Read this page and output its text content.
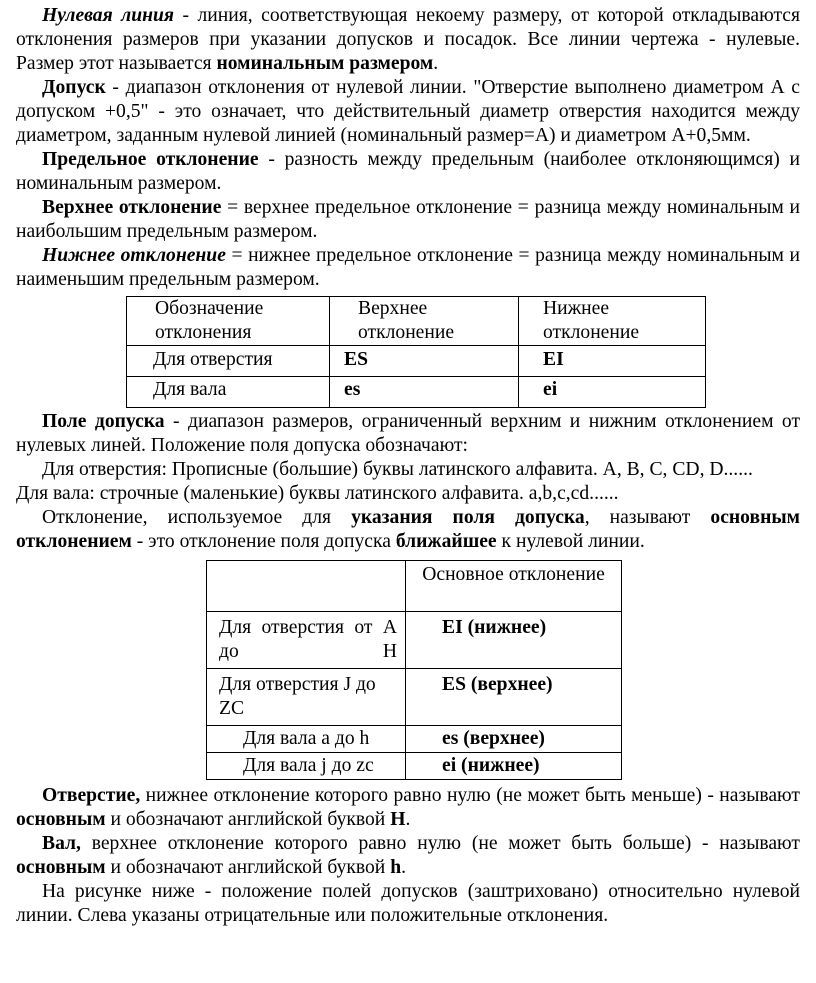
Нулевая линия - линия, соответствующая некоему размеру, от которой откладываются отклонения размеров при указании допусков и посадок. Все линии чертежа - нулевые. Размер этот называется номинальным размером.

Допуск - диапазон отклонения от нулевой линии. "Отверстие выполнено диаметром А с допуском +0,5" - это означает, что действительный диаметр отверстия находится между диаметром, заданным нулевой линией (номинальный размер=А) и диаметром А+0,5мм.

Предельное отклонение - разность между предельным (наиболее отклоняющимся) и номинальным размером.

Верхнее отклонение = верхнее предельное отклонение = разница между номинальным и наибольшим предельным размером.

Нижнее отклонение = нижнее предельное отклонение = разница между номинальным и наименьшим предельным размером.

Обозначение отклонения	Верхнее отклонение	Нижнее отклонение

Для отверстия	ES	EI
Для вала	es	ei

Поле допуска - диапазон размеров, ограниченный верхним и нижним отклонением от нулевых линей. Положение поля допуска обозначают:

Для отверстия: Прописные (большие) буквы латинского алфавита. A, B, C, CD, D......

Для вала: строчные (маленькие) буквы латинского алфавита. a,b,c,cd......

Отклонение, используемое для указания поля допуска, называют основным отклонением - это отклонение поля допуска ближайшее к нулевой линии.

	Основное отклонение
Для отверстия от А до Н	EI (нижнее)
Для отверстия J до ZC	ES (верхнее)
Для вала a до h	es (верхнее)
Для вала j до zc	ei (нижнее)

Отверстие, нижнее отклонение которого равно нулю (не может быть меньше) - называют основным и обозначают английской буквой H.

Вал, верхнее отклонение которого равно нулю (не может быть больше) - называют основным и обозначают английской буквой h.

На рисунке ниже - положение полей допусков (заштриховано) относительно нулевой линии. Слева указаны отрицательные или положительные отклонения.
